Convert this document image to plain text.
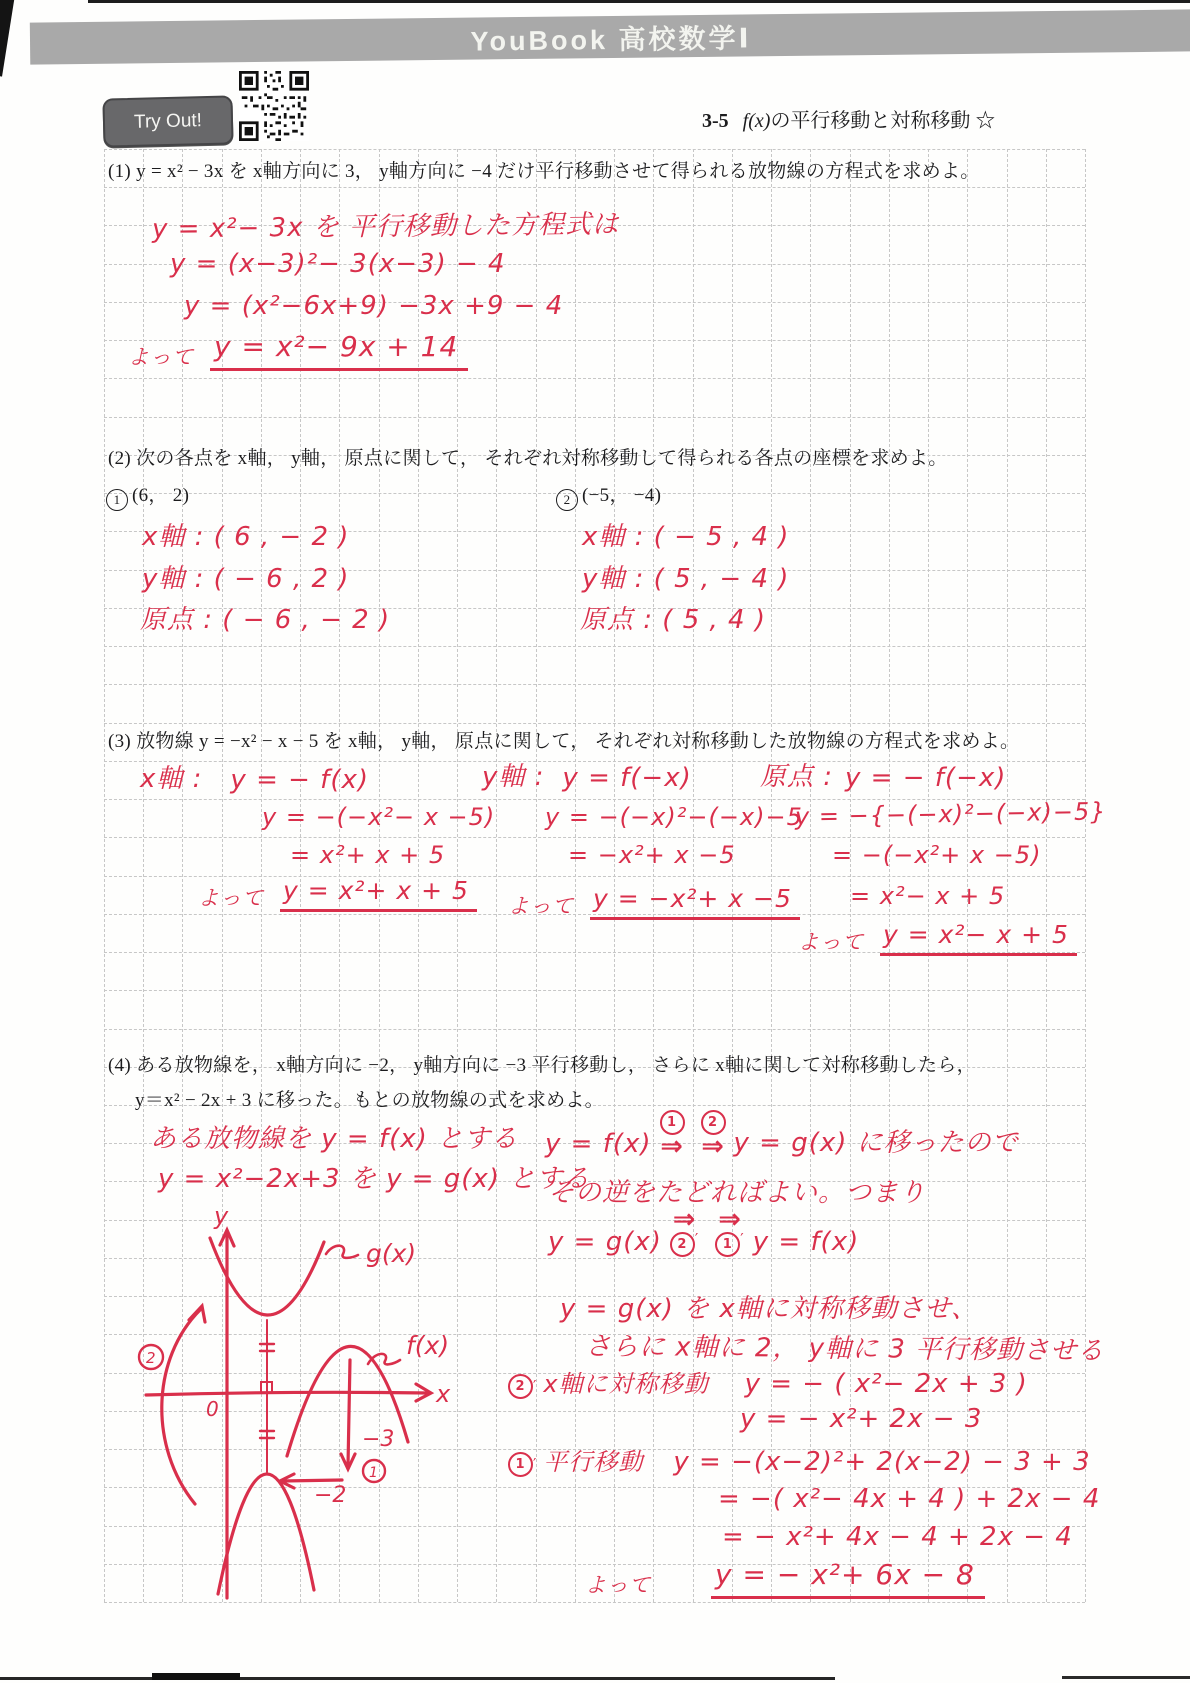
YouBook 高校数学Ⅰ
Try Out!	3-5 f(x)の平行移動と対称移動 ☆
(1) y = x² − 3x を x軸方向に 3， y軸方向に −4 だけ平行移動させて得られる放物線の方程式を求めよ。
y = x²− 3x を 平行移動した方程式は
y = (x−3)²− 3(x−3) − 4
y = (x²−6x+9) −3x +9 − 4
よって y = x²− 9x + 14
(2) 次の各点を x軸， y軸， 原点に関して， それぞれ対称移動して得られる各点の座標を求めよ。
1 (6， 2)	2 (−5， −4)
x軸 : ( 6 , − 2 )
y軸 : ( − 6 , 2 )
原点 : ( − 6 , − 2 )
x軸 : ( − 5 , 4 )
y軸 : ( 5 , − 4 )
原点 : ( 5 , 4 )
(3) 放物線 y = −x² − x − 5 を x軸， y軸， 原点に関して， それぞれ対称移動した放物線の方程式を求めよ。
x軸 : y = − f(x)
y = −(−x²− x −5)
= x²+ x + 5
よって y = x²+ x + 5
y軸 : y = f(−x)
y = −(−x)²−(−x)−5
= −x²+ x −5
よって y = −x²+ x −5
原点 : y = − f(−x)
y = −{−(−x)²−(−x)−5}
= −(−x²+ x −5)
= x²− x + 5
よって y = x²− x + 5
(4) ある放物線を， x軸方向に −2， y軸方向に −3 平行移動し， さらに x軸に関して対称移動したら，
y＝x² − 2x + 3 に移った。もとの放物線の式を求めよ。
ある放物線を y = f(x) とする
y = x²−2x+3 を y = g(x) とする
y
x
0
g(x)
f(x)
−3
−2
1
2
y = f(x)
1
⇒
2
⇒ y = g(x) に移ったので
その逆をたどればよい。つまり
y = g(x)
⇒
2 ′
⇒
1 ′ y = f(x)
y = g(x) を x軸に対称移動させ、
さらに x軸に 2， y軸に 3 平行移動させる
2 ′ x軸に対称移動 y = − ( x²− 2x + 3 )
y = − x²+ 2x − 3
1 ′ 平行移動 y = −(x−2)²+ 2(x−2) − 3 + 3
= −( x²− 4x + 4 ) + 2x − 4
= − x²+ 4x − 4 + 2x − 4
よって y = − x²+ 6x − 8
